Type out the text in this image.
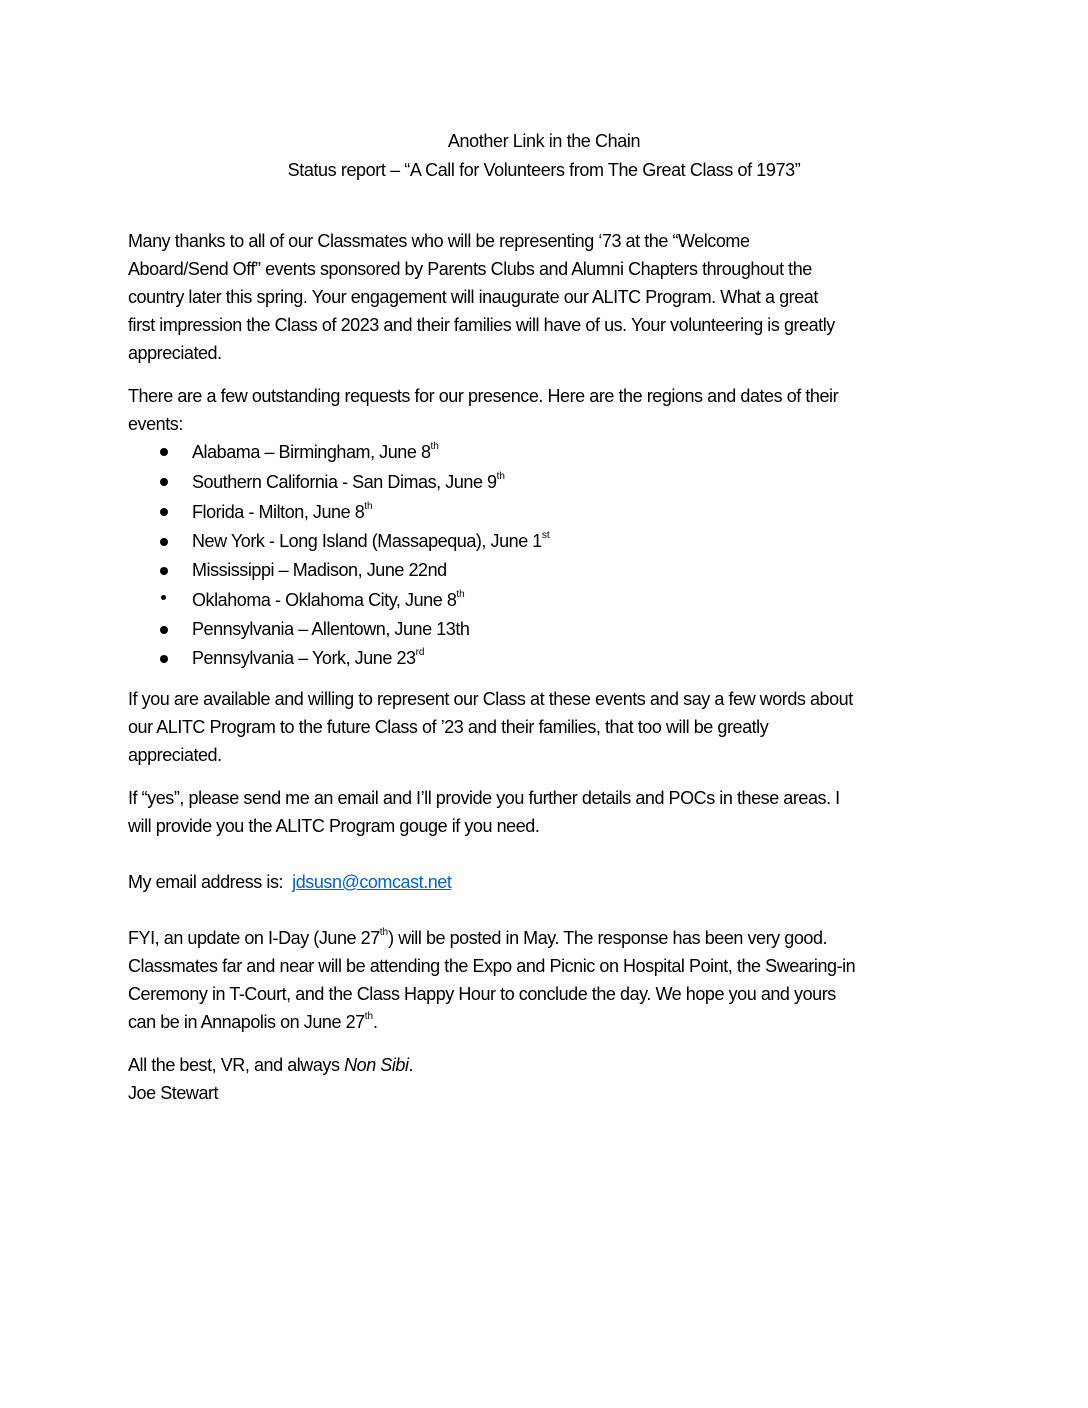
Another Link in the Chain
Status report – “A Call for Volunteers from The Great Class of 1973”
Many thanks to all of our Classmates who will be representing ‘73 at the “Welcome
Aboard/Send Off” events sponsored by Parents Clubs and Alumni Chapters throughout the
country later this spring. Your engagement will inaugurate our ALITC Program. What a great
first impression the Class of 2023 and their families will have of us. Your volunteering is greatly
appreciated.
There are a few outstanding requests for our presence. Here are the regions and dates of their
events:
Alabama – Birmingham, June 8th
Southern California - San Dimas, June 9th
Florida - Milton, June 8th
New York - Long Island (Massapequa), June 1st
Mississippi – Madison, June 22nd
Oklahoma - Oklahoma City, June 8th
Pennsylvania – Allentown, June 13th
Pennsylvania – York, June 23rd
If you are available and willing to represent our Class at these events and say a few words about
our ALITC Program to the future Class of ’23 and their families, that too will be greatly
appreciated.
If “yes”, please send me an email and I’ll provide you further details and POCs in these areas. I
will provide you the ALITC Program gouge if you need.
My email address is: jdsusn@comcast.net
FYI, an update on I-Day (June 27th) will be posted in May. The response has been very good.
Classmates far and near will be attending the Expo and Picnic on Hospital Point, the Swearing-in
Ceremony in T-Court, and the Class Happy Hour to conclude the day. We hope you and yours
can be in Annapolis on June 27th.
All the best, VR, and always Non Sibi.
Joe Stewart
